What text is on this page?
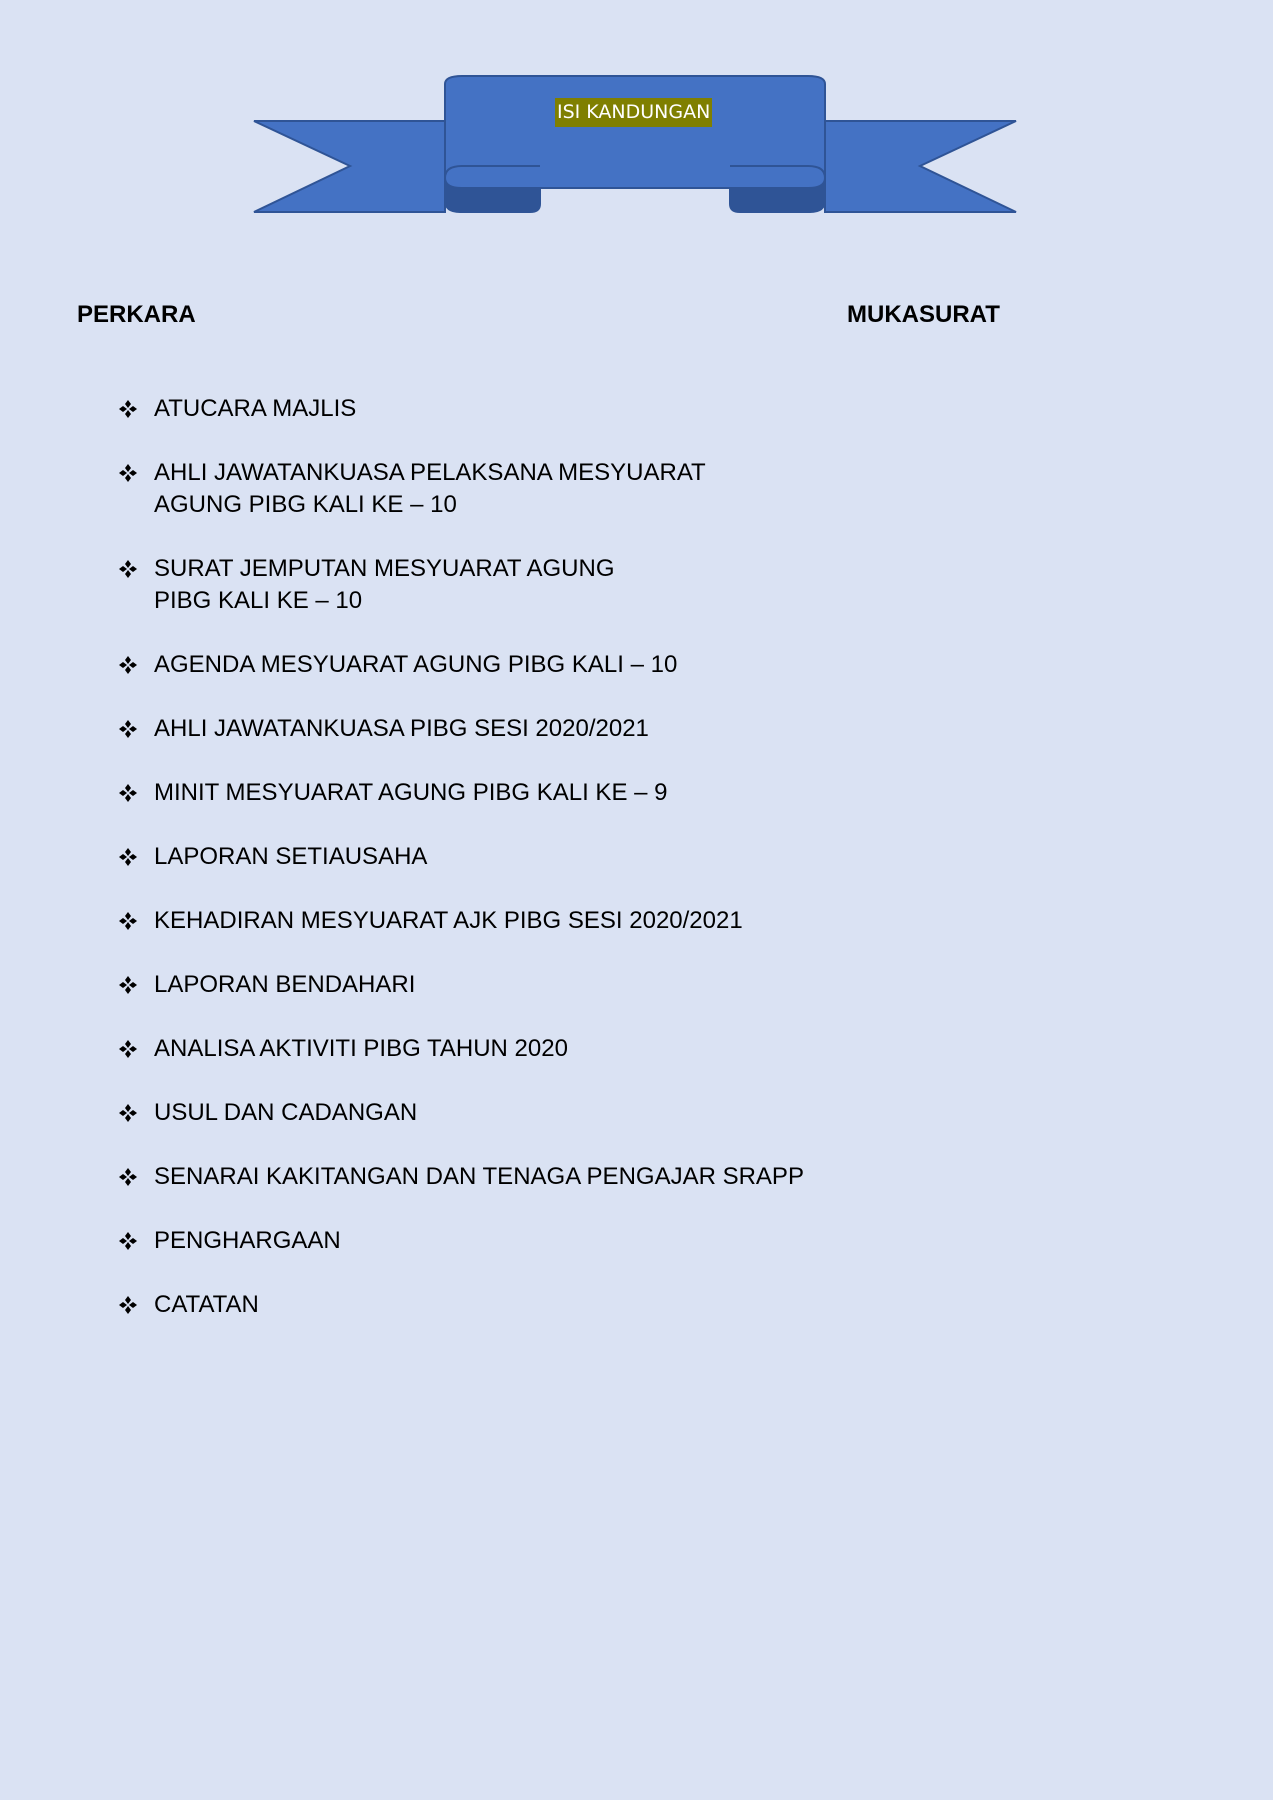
ISI KANDUNGAN
PERKARA	MUKASURAT
ATUCARA MAJLIS
AHLI JAWATANKUASA PELAKSANA MESYUARAT
AGUNG PIBG KALI KE – 10
SURAT JEMPUTAN MESYUARAT AGUNG
PIBG KALI KE – 10
AGENDA MESYUARAT AGUNG PIBG KALI – 10
AHLI JAWATANKUASA PIBG SESI 2020/2021
MINIT MESYUARAT AGUNG PIBG KALI KE – 9
LAPORAN SETIAUSAHA
KEHADIRAN MESYUARAT AJK PIBG SESI 2020/2021
LAPORAN BENDAHARI
ANALISA AKTIVITI PIBG TAHUN 2020
USUL DAN CADANGAN
SENARAI KAKITANGAN DAN TENAGA PENGAJAR SRAPP
PENGHARGAAN
CATATAN
